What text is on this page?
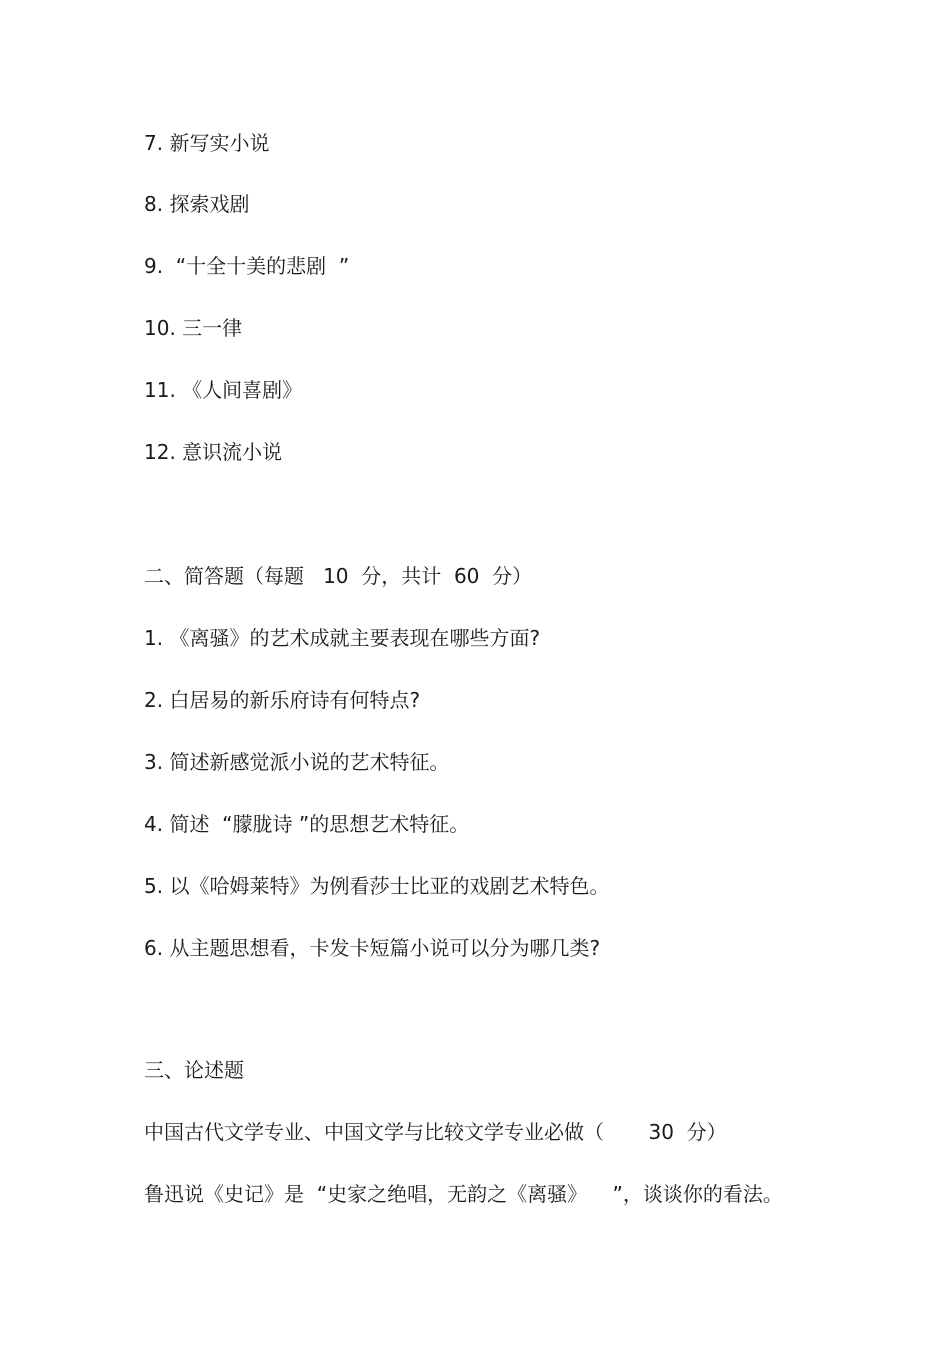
7. 新写实小说
8. 探索戏剧
9.  “十全十美的悲剧  ”
10. 三一律
11. 《人间喜剧》
12. 意识流小说
二、简答题（每题   10  分，共计  60  分）
1. 《离骚》的艺术成就主要表现在哪些方面?
2. 白居易的新乐府诗有何特点?
3. 简述新感觉派小说的艺术特征。
4. 简述  “朦胧诗 ”的思想艺术特征。
5. 以《哈姆莱特》为例看莎士比亚的戏剧艺术特色。
6. 从主题思想看，卡发卡短篇小说可以分为哪几类?
三、论述题
中国古代文学专业、中国文学与比较文学专业必做（       30  分）
鲁迅说《史记》是  “史家之绝唱，无韵之《离骚》    ”，谈谈你的看法。
